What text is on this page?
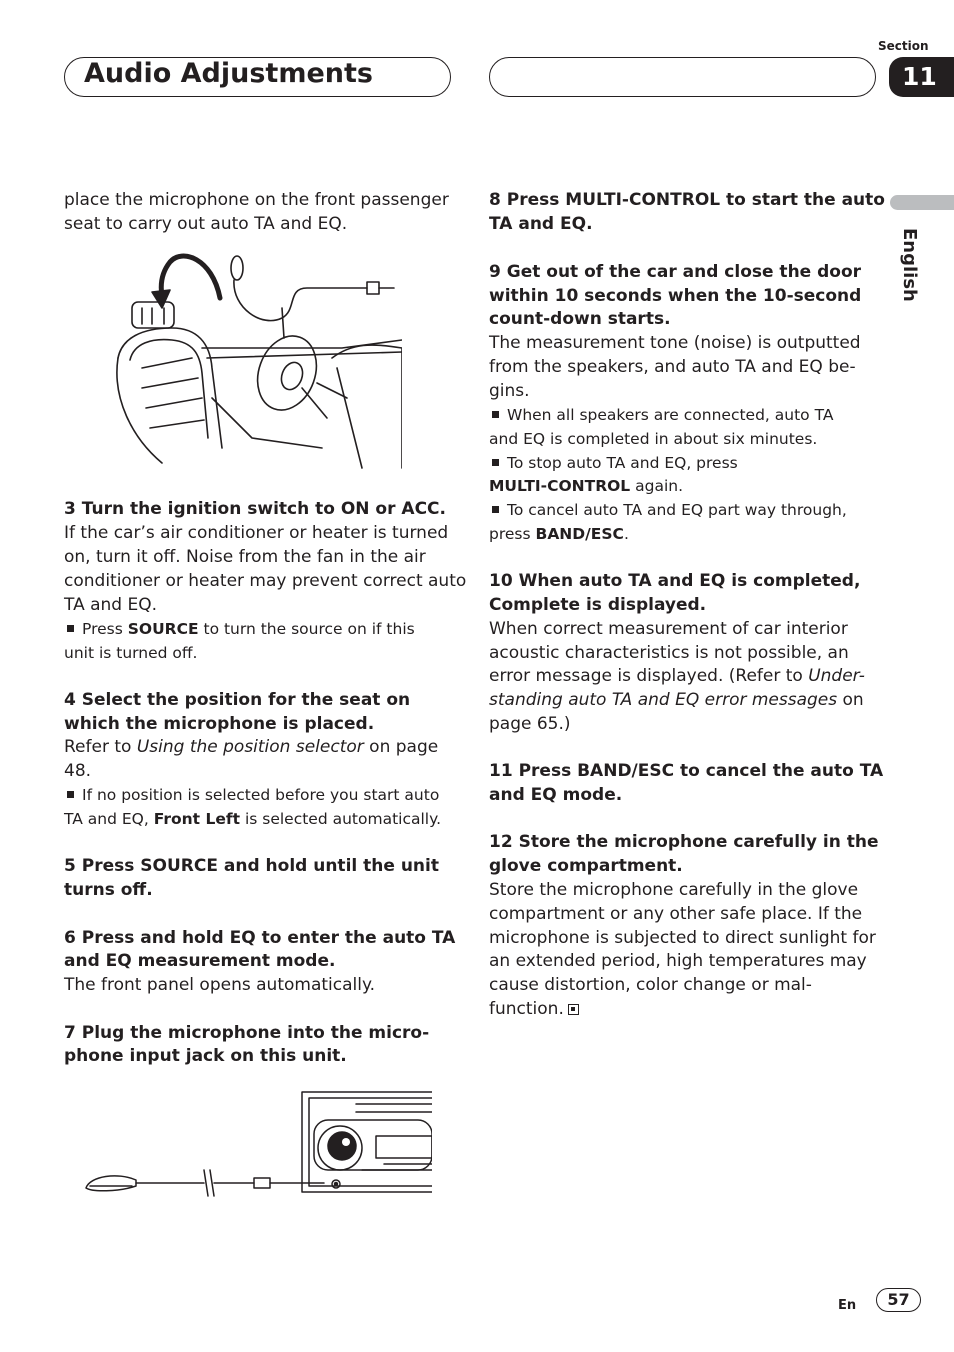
Audio Adjustments
Section
11
English
place the microphone on the front passenger
seat to carry out auto TA and EQ.
3 Turn the ignition switch to ON or ACC.
If the car’s air conditioner or heater is turned
on, turn it off. Noise from the fan in the air
conditioner or heater may prevent correct auto
TA and EQ.
Press SOURCE to turn the source on if this
unit is turned off.
4 Select the position for the seat on
which the microphone is placed.
Refer to Using the position selector on page
48.
If no position is selected before you start auto
TA and EQ, Front Left is selected automatically.
5 Press SOURCE and hold until the unit
turns off.
6 Press and hold EQ to enter the auto TA
and EQ measurement mode.
The front panel opens automatically.
7 Plug the microphone into the micro-
phone input jack on this unit.
8 Press MULTI-CONTROL to start the auto
TA and EQ.
9 Get out of the car and close the door
within 10 seconds when the 10-second
count-down starts.
The measurement tone (noise) is outputted
from the speakers, and auto TA and EQ be-
gins.
When all speakers are connected, auto TA
and EQ is completed in about six minutes.
To stop auto TA and EQ, press
MULTI-CONTROL again.
To cancel auto TA and EQ part way through,
press BAND/ESC.
10 When auto TA and EQ is completed,
Complete is displayed.
When correct measurement of car interior
acoustic characteristics is not possible, an
error message is displayed. (Refer to Under-
standing auto TA and EQ error messages on
page 65.)
11 Press BAND/ESC to cancel the auto TA
and EQ mode.
12 Store the microphone carefully in the
glove compartment.
Store the microphone carefully in the glove
compartment or any other safe place. If the
microphone is subjected to direct sunlight for
an extended period, high temperatures may
cause distortion, color change or mal-
function.
En	57
